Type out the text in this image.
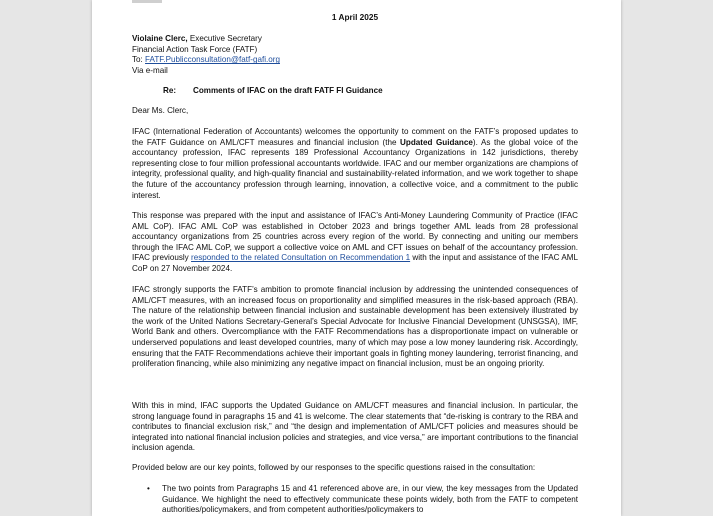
1 April 2025
Violaine Clerc, Executive Secretary
Financial Action Task Force (FATF)
To: FATF.Publicconsultation@fatf-gafi.org
Via e-mail
Re: Comments of IFAC on the draft FATF FI Guidance
Dear Ms. Clerc,
IFAC (International Federation of Accountants) welcomes the opportunity to comment on the FATF’s proposed updates to the FATF Guidance on AML/CFT measures and financial inclusion (the Updated Guidance). As the global voice of the accountancy profession, IFAC represents 189 Professional Accountancy Organizations in 142 jurisdictions, thereby representing close to four million professional accountants worldwide. IFAC and our member organizations are champions of integrity, professional quality, and high-quality financial and sustainability-related information, and we work together to shape the future of the accountancy profession through learning, innovation, a collective voice, and a commitment to the public interest.
This response was prepared with the input and assistance of IFAC’s Anti-Money Laundering Community of Practice (IFAC AML CoP). IFAC AML CoP was established in October 2023 and brings together AML leads from 28 professional accountancy organizations from 25 countries across every region of the world. By connecting and uniting our members through the IFAC AML CoP, we support a collective voice on AML and CFT issues on behalf of the accountancy profession. IFAC previously responded to the related Consultation on Recommendation 1 with the input and assistance of the IFAC AML CoP on 27 November 2024.
IFAC strongly supports the FATF’s ambition to promote financial inclusion by addressing the unintended consequences of AML/CFT measures, with an increased focus on proportionality and simplified measures in the risk-based approach (RBA). The nature of the relationship between financial inclusion and sustainable development has been extensively illustrated by the work of the United Nations Secretary-General’s Special Advocate for Inclusive Financial Development (UNSGSA), IMF, World Bank and others. Overcompliance with the FATF Recommendations has a disproportionate impact on vulnerable or underserved populations and least developed countries, many of which may pose a low money laundering risk. Accordingly, ensuring that the FATF Recommendations achieve their important goals in fighting money laundering, terrorist financing, and proliferation financing, while also minimizing any negative impact on financial inclusion, must be an ongoing priority.
With this in mind, IFAC supports the Updated Guidance on AML/CFT measures and financial inclusion. In particular, the strong language found in paragraphs 15 and 41 is welcome. The clear statements that “de-risking is contrary to the RBA and contributes to financial exclusion risk,” and “the design and implementation of AML/CFT policies and measures should be integrated into national financial inclusion policies and strategies, and vice versa,” are important contributions to the financial inclusion agenda.
Provided below are our key points, followed by our responses to the specific questions raised in the consultation:
• The two points from Paragraphs 15 and 41 referenced above are, in our view, the key messages from the Updated Guidance. We highlight the need to effectively communicate these points widely, both from the FATF to competent authorities/policymakers, and from competent authorities/policymakers to
